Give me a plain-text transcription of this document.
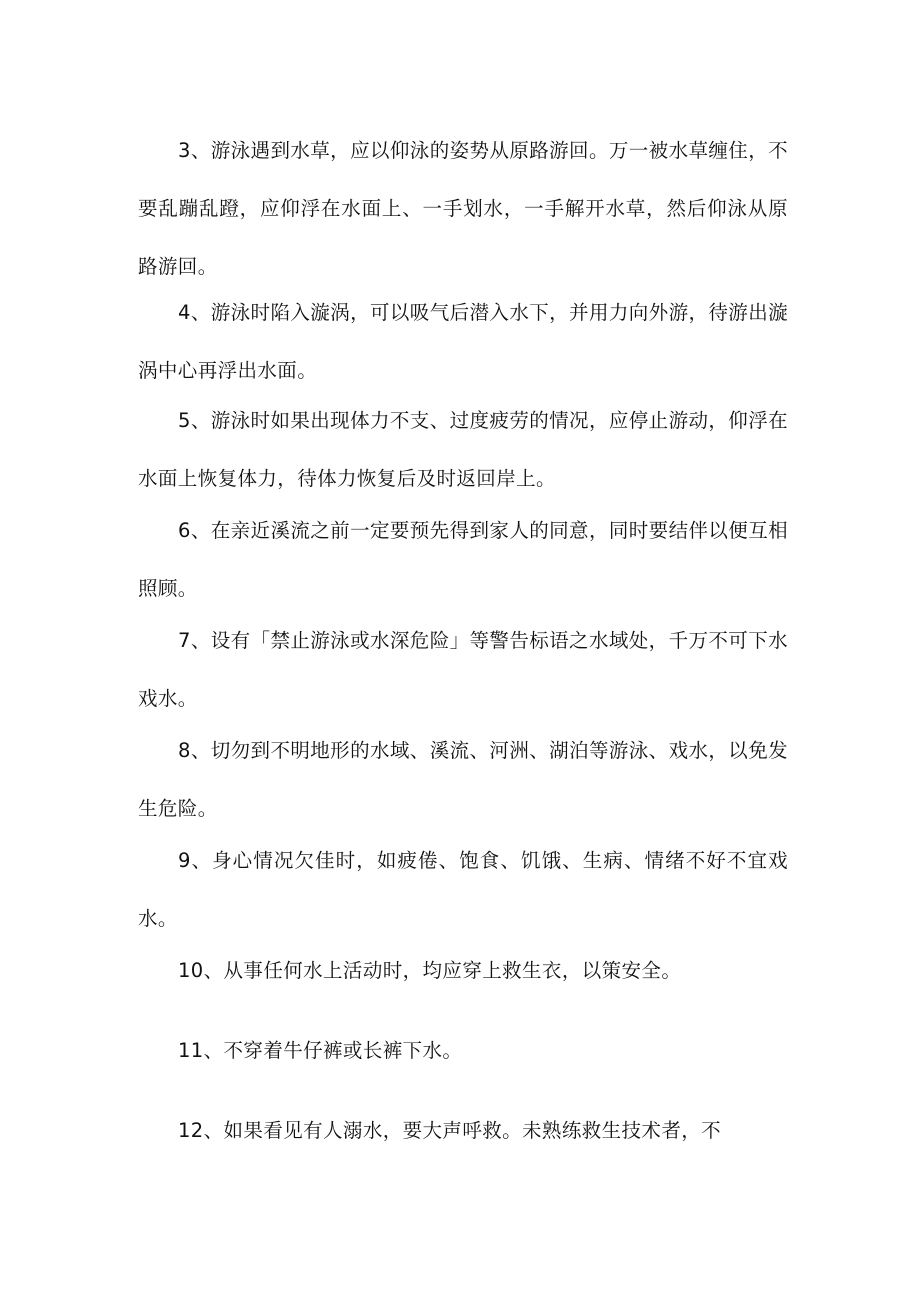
3、游泳遇到水草，应以仰泳的姿势从原路游回。万一被水草缠住，不要乱蹦乱蹬，应仰浮在水面上、一手划水，一手解开水草，然后仰泳从原路游回。

4、游泳时陷入漩涡，可以吸气后潜入水下，并用力向外游，待游出漩涡中心再浮出水面。

5、游泳时如果出现体力不支、过度疲劳的情况，应停止游动，仰浮在水面上恢复体力，待体力恢复后及时返回岸上。

6、在亲近溪流之前一定要预先得到家人的同意，同时要结伴以便互相照顾。

7、设有「禁止游泳或水深危险」等警告标语之水域处，千万不可下水戏水。

8、切勿到不明地形的水域、溪流、河洲、湖泊等游泳、戏水，以免发生危险。

9、身心情况欠佳时，如疲倦、饱食、饥饿、生病、情绪不好不宜戏水。

10、从事任何水上活动时，均应穿上救生衣，以策安全。

11、不穿着牛仔裤或长裤下水。

12、如果看见有人溺水，要大声呼救。未熟练救生技术者，不
